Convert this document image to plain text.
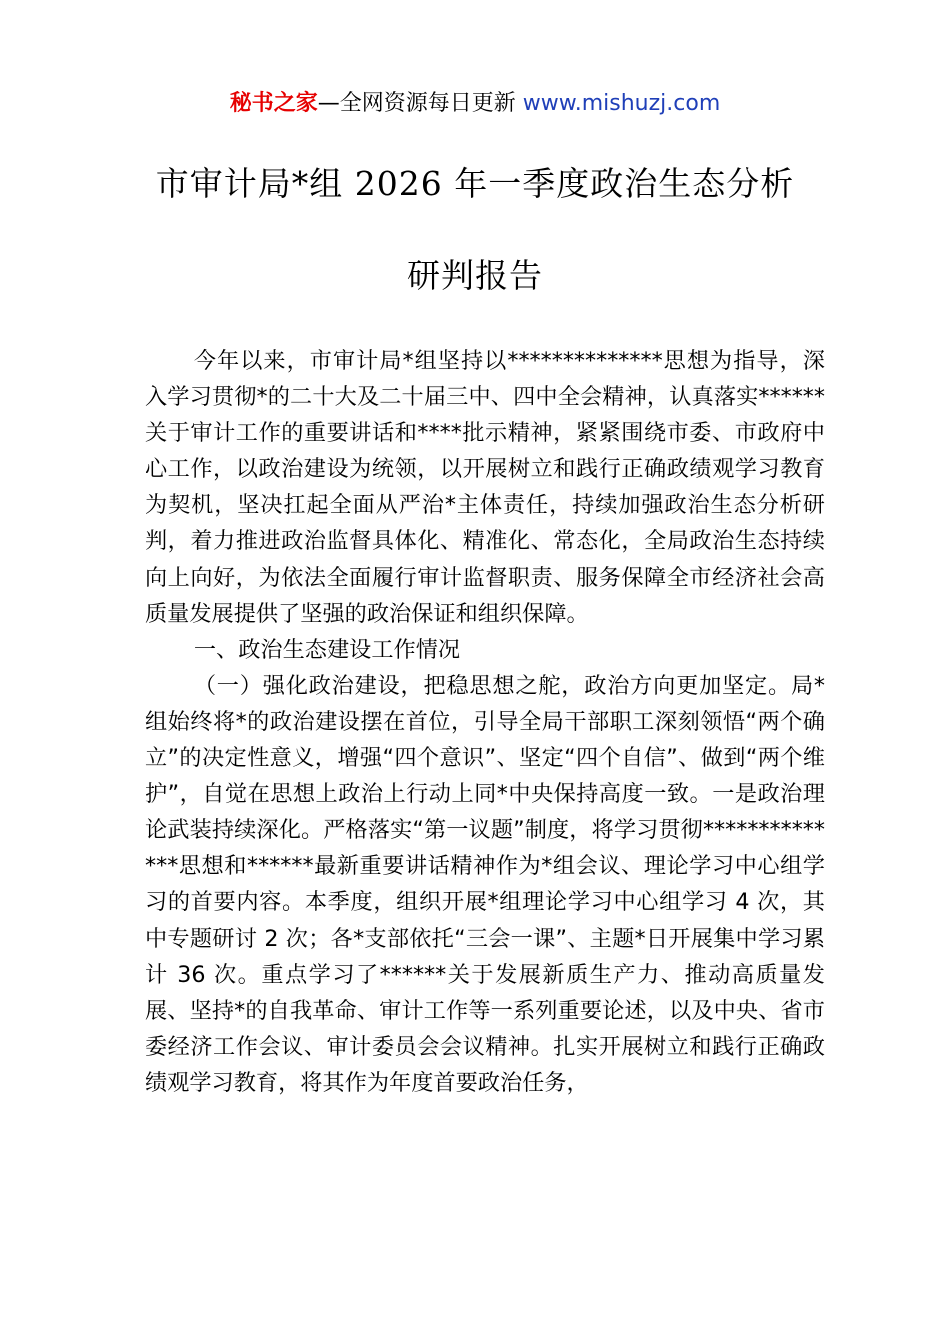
秘书之家—全网资源每日更新 www.mishuzj.com
市审计局*组 2026 年一季度政治生态分析
研判报告

今年以来，市审计局*组坚持以**************思想为指导，深入学习贯彻*的二十大及二十届三中、四中全会精神，认真落实******关于审计工作的重要讲话和****批示精神，紧紧围绕市委、市政府中心工作，以政治建设为统领，以开展树立和践行正确政绩观学习教育为契机，坚决扛起全面从严治*主体责任，持续加强政治生态分析研判，着力推进政治监督具体化、精准化、常态化，全局政治生态持续向上向好，为依法全面履行审计监督职责、服务保障全市经济社会高质量发展提供了坚强的政治保证和组织保障。

一、政治生态建设工作情况

（一）强化政治建设，把稳思想之舵，政治方向更加坚定。局*组始终将*的政治建设摆在首位，引导全局干部职工深刻领悟“两个确立”的决定性意义，增强“四个意识”、坚定“四个自信”、做到“两个维护”，自觉在思想上政治上行动上同*中央保持高度一致。一是政治理论武装持续深化。严格落实“第一议题”制度，将学习贯彻**************思想和******最新重要讲话精神作为*组会议、理论学习中心组学习的首要内容。本季度，组织开展*组理论学习中心组学习 4 次，其中专题研讨 2 次；各*支部依托“三会一课”、主题*日开展集中学习累计 36 次。重点学习了******关于发展新质生产力、推动高质量发展、坚持*的自我革命、审计工作等一系列重要论述，以及中央、省市委经济工作会议、审计委员会会议精神。扎实开展树立和践行正确政绩观学习教育，将其作为年度首要政治任务，
